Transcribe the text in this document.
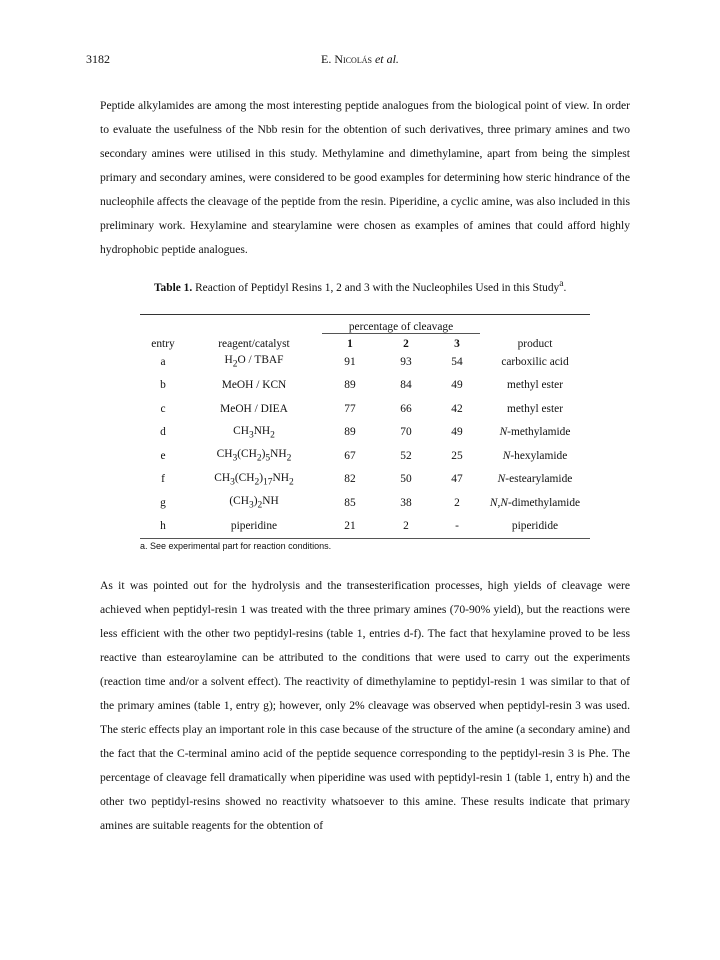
3182	E. Nicolás et al.

Peptide alkylamides are among the most interesting peptide analogues from the biological point of view. In order to evaluate the usefulness of the Nbb resin for the obtention of such derivatives, three primary amines and two secondary amines were utilised in this study. Methylamine and dimethylamine, apart from being the simplest primary and secondary amines, were considered to be good examples for determining how steric hindrance of the nucleophile affects the cleavage of the peptide from the resin. Piperidine, a cyclic amine, was also included in this preliminary work. Hexylamine and stearylamine were chosen as examples of amines that could afford highly hydrophobic peptide analogues.

Table 1. Reaction of Peptidyl Resins 1, 2 and 3 with the Nucleophiles Used in this Study$^a$.
		percentage of cleavage			
entry	reagent/catalyst	1	2	3	product
a	$H_2O$ / TBAF	91	93	54	carboxilic acid
b	MeOH / KCN	89	84	49	methyl ester
c	MeOH / DIEA	77	66	42	methyl ester
d	$CH_3NH_2$	89	70	49	N-methylamide
e	$CH_3(CH_2)_5NH_2$	67	52	25	N-hexylamide
f	$CH_3(CH_2)_{17}NH_2$	82	50	47	N-estearylamide
g	$(CH_3)_2NH$	85	38	2	N,N-dimethylamide
h	piperidine	21	2	-	piperidide
a. See experimental part for reaction conditions.

As it was pointed out for the hydrolysis and the transesterification processes, high yields of cleavage were achieved when peptidyl-resin 1 was treated with the three primary amines (70-90% yield), but the reactions were less efficient with the other two peptidyl-resins (table 1, entries d-f). The fact that hexylamine proved to be less reactive than estearoylamine can be attributed to the conditions that were used to carry out the experiments (reaction time and/or a solvent effect). The reactivity of dimethylamine to peptidyl-resin 1 was similar to that of the primary amines (table 1, entry g); however, only 2% cleavage was observed when peptidyl-resin 3 was used. The steric effects play an important role in this case because of the structure of the amine (a secondary amine) and the fact that the C-terminal amino acid of the peptide sequence corresponding to the peptidyl-resin 3 is Phe. The percentage of cleavage fell dramatically when piperidine was used with peptidyl-resin 1 (table 1, entry h) and the other two peptidyl-resins showed no reactivity whatsoever to this amine. These results indicate that primary amines are suitable reagents for the obtention of
